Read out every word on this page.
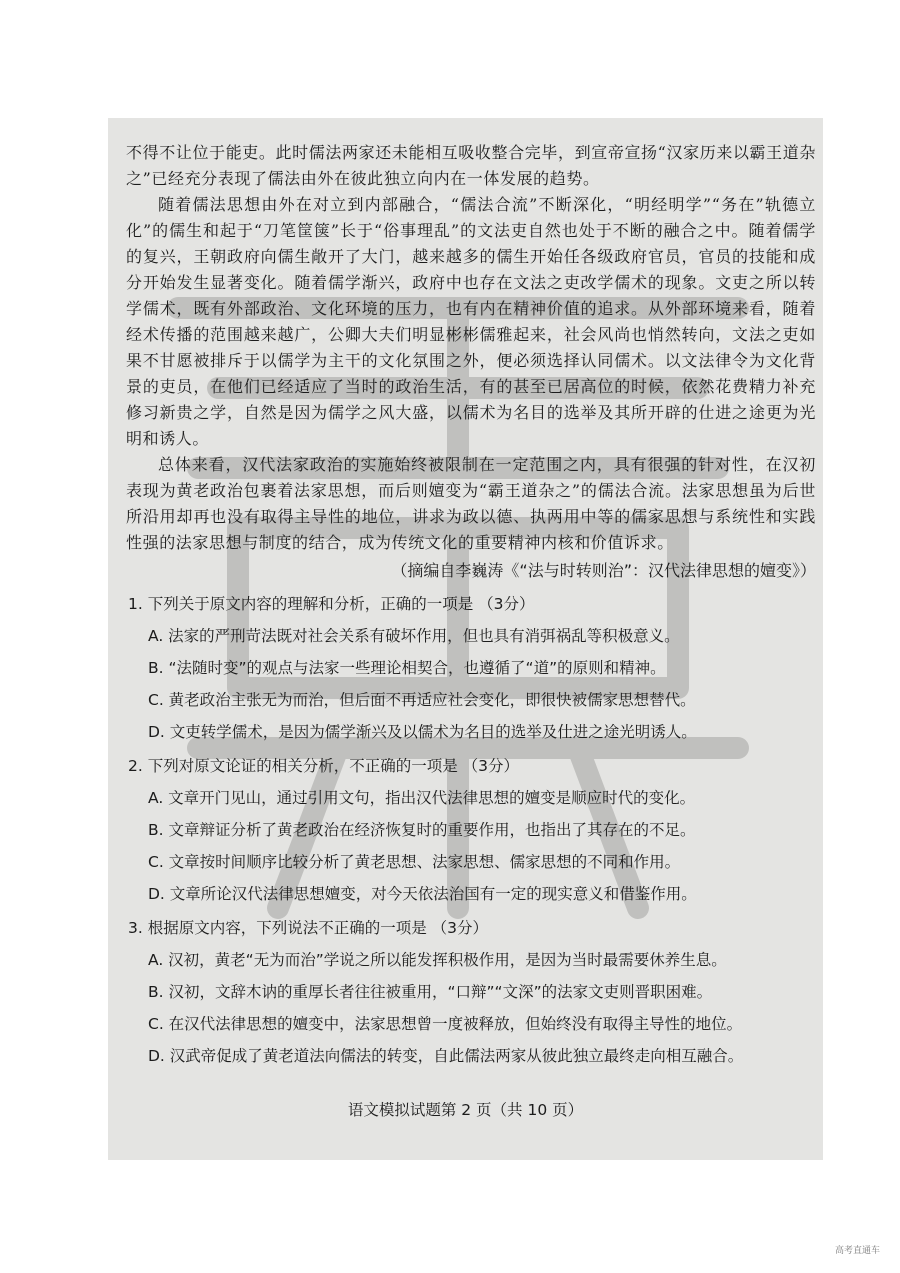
不得不让位于能吏。此时儒法两家还未能相互吸收整合完毕，到宣帝宣扬“汉家历来以霸王道杂之”已经充分表现了儒法由外在彼此独立向内在一体发展的趋势。

随着儒法思想由外在对立到内部融合，“儒法合流”不断深化，“明经明学”“务在”轨德立化”的儒生和起于“刀笔筐箧”长于“俗事理乱”的文法吏自然也处于不断的融合之中。随着儒学的复兴，王朝政府向儒生敞开了大门，越来越多的儒生开始任各级政府官员，官员的技能和成分开始发生显著变化。随着儒学渐兴，政府中也存在文法之吏改学儒术的现象。文吏之所以转学儒术，既有外部政治、文化环境的压力，也有内在精神价值的追求。从外部环境来看，随着经术传播的范围越来越广，公卿大夫们明显彬彬儒雅起来，社会风尚也悄然转向，文法之吏如果不甘愿被排斥于以儒学为主干的文化氛围之外，便必须选择认同儒术。以文法律令为文化背景的吏员，在他们已经适应了当时的政治生活，有的甚至已居高位的时候，依然花费精力补充修习新贵之学，自然是因为儒学之风大盛，以儒术为名目的选举及其所开辟的仕进之途更为光明和诱人。

总体来看，汉代法家政治的实施始终被限制在一定范围之内，具有很强的针对性，在汉初表现为黄老政治包裹着法家思想，而后则嬗变为“霸王道杂之”的儒法合流。法家思想虽为后世所沿用却再也没有取得主导性的地位，讲求为政以德、执两用中等的儒家思想与系统性和实践性强的法家思想与制度的结合，成为传统文化的重要精神内核和价值诉求。

（摘编自李巍涛《“法与时转则治”：汉代法律思想的嬗变》）

1. 下列关于原文内容的理解和分析，正确的一项是 （3分）

A. 法家的严刑苛法既对社会关系有破坏作用，但也具有消弭祸乱等积极意义。

B. “法随时变”的观点与法家一些理论相契合，也遵循了“道”的原则和精神。

C. 黄老政治主张无为而治，但后面不再适应社会变化，即很快被儒家思想替代。

D. 文吏转学儒术，是因为儒学渐兴及以儒术为名目的选举及仕进之途光明诱人。

2. 下列对原文论证的相关分析，不正确的一项是 （3分）

A. 文章开门见山，通过引用文句，指出汉代法律思想的嬗变是顺应时代的变化。

B. 文章辩证分析了黄老政治在经济恢复时的重要作用，也指出了其存在的不足。

C. 文章按时间顺序比较分析了黄老思想、法家思想、儒家思想的不同和作用。

D. 文章所论汉代法律思想嬗变，对今天依法治国有一定的现实意义和借鉴作用。

3. 根据原文内容，下列说法不正确的一项是 （3分）

A. 汉初，黄老“无为而治”学说之所以能发挥积极作用，是因为当时最需要休养生息。

B. 汉初，文辞木讷的重厚长者往往被重用，“口辩”“文深”的法家文吏则晋职困难。

C. 在汉代法律思想的嬗变中，法家思想曾一度被释放，但始终没有取得主导性的地位。

D. 汉武帝促成了黄老道法向儒法的转变，自此儒法两家从彼此独立最终走向相互融合。

语文模拟试题第 2 页（共 10 页）
高考直通车
